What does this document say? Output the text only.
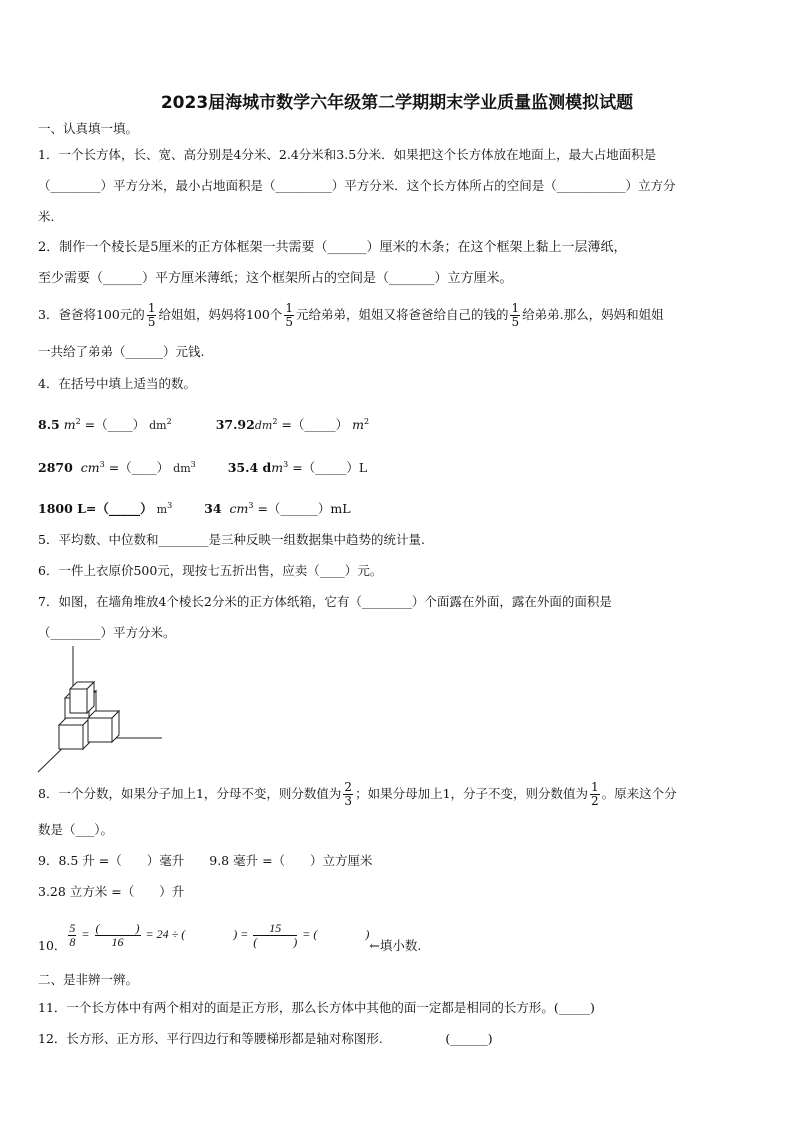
2023届海城市数学六年级第二学期期末学业质量监测模拟试题
一、认真填一填。
1．一个长方体，长、宽、高分别是4分米、2.4分米和3.5分米．如果把这个长方体放在地面上，最大占地面积是
（________）平方分米，最小占地面积是（_________）平方分米．这个长方体所占的空间是（___________）立方分
米.
2．制作一个棱长是5厘米的正方体框架一共需要（______）厘米的木条；在这个框架上黏上一层薄纸，
至少需要（______）平方厘米薄纸；这个框架所占的空间是（_______）立方厘米。
3．爸爸将100元的 $\frac{1}{5}$ 给姐姐，妈妈将100个 $\frac{1}{5}$ 元给弟弟，姐姐又将爸爸给自己的钱的 $\frac{1}{5}$ 给弟弟.那么，妈妈和姐姐
一共给了弟弟（______）元钱.
4．在括号中填上适当的数。
8.5 $m^2$ =（____） $dm^2$	$37.92dm^2$ =（_____） $m^2$
2870 $cm^3$ =（____） $dm^3$	35.4 $dm^3$ =（_____）L
1800 L=（_____） $m^3$	34 $cm^3$ =（______）mL
5．平均数、中位数和________是三种反映一组数据集中趋势的统计量.
6．一件上衣原价500元，现按七五折出售，应卖（____）元。
7．如图，在墙角堆放4个棱长2分米的正方体纸箱，它有（________）个面露在外面，露在外面的面积是
（________）平方分米。
8．一个分数，如果分子加上1，分母不变，则分数值为 $\frac{2}{3}$ ；如果分母加上1，分子不变，则分数值为 $\frac{1}{2}$ 。原来这个分
数是（___）。
9．8.5 升 =（　　）毫升　　9.8 毫升 =（　　）立方厘米
3.28 立方米 =（　　）升
10． $\frac{5}{8} = \frac{( )}{16} = 24$ ÷ (　　　　) = $\frac{15}{( )}$ = (　　　　)←填小数.
二、是非辨一辨。
11．一个长方体中有两个相对的面是正方形，那么长方体中其他的面一定都是相同的长方形。(_____)
12．长方形、正方形、平行四边行和等腰梯形都是轴对称图形.　　　　　(______)
